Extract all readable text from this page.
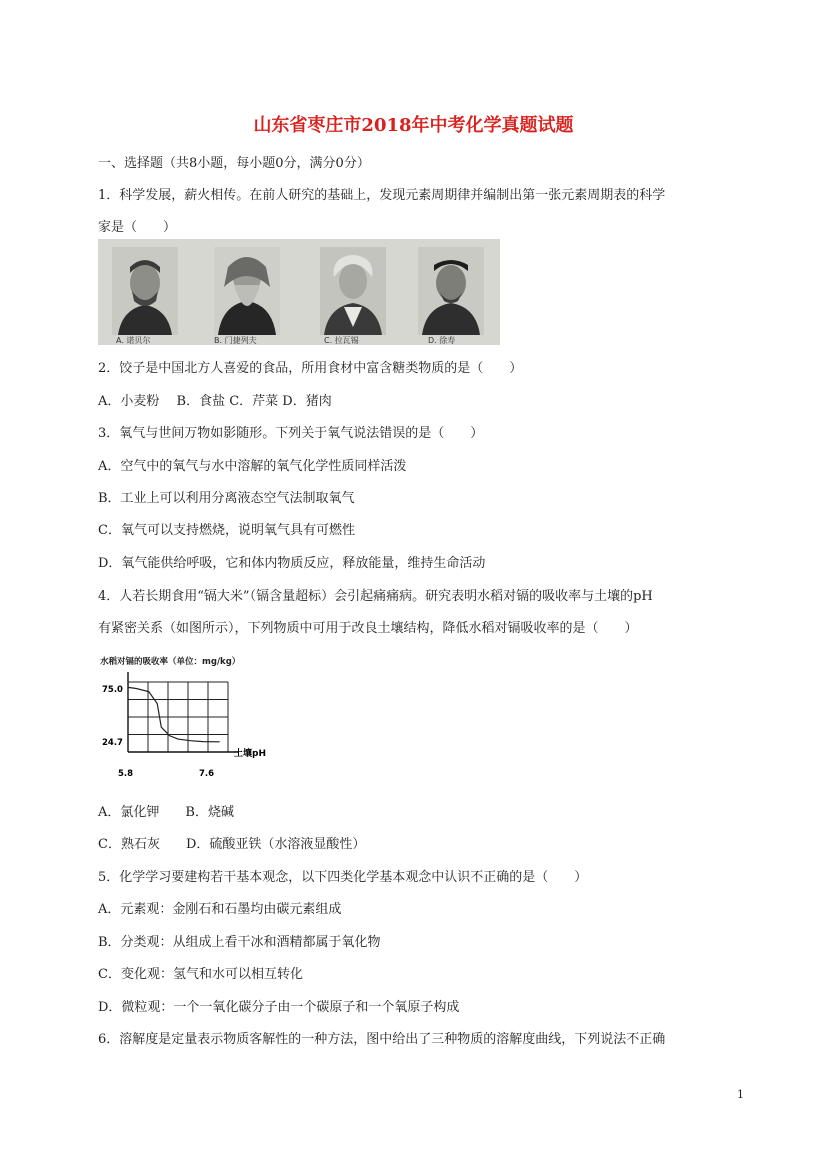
山东省枣庄市2018年中考化学真题试题
一、选择题（共8小题，每小题0分，满分0分）
1．科学发展，薪火相传。在前人研究的基础上，发现元素周期律并编制出第一张元素周期表的科学
家是（　　）
A. 诺贝尔	B. 门捷列夫	C. 拉瓦锡	D. 徐寿
2．饺子是中国北方人喜爱的食品，所用食材中富含糖类物质的是（　　）
A．小麦粉　 B．食盐 C．芹菜 D．猪肉
3．氧气与世间万物如影随形。下列关于氧气说法错误的是（　　）
A．空气中的氧气与水中溶解的氧气化学性质同样活泼
B．工业上可以利用分离液态空气法制取氧气
C．氧气可以支持燃烧，说明氧气具有可燃性
D．氧气能供给呼吸，它和体内物质反应，释放能量，维持生命活动
4．人若长期食用“镉大米”（镉含量超标）会引起痛痛病。研究表明水稻对镉的吸收率与土壤的pH
有紧密关系（如图所示），下列物质中可用于改良土壤结构，降低水稻对镉吸收率的是（　　）
水稻对镉的吸收率（单位：mg/kg）
75.0
24.7
5.8	7.6
土壤pH
A．氯化钾　　B．烧碱
C．熟石灰　　D．硫酸亚铁（水溶液显酸性）
5．化学学习要建构若干基本观念，以下四类化学基本观念中认识不正确的是（　　）
A．元素观：金刚石和石墨均由碳元素组成
B．分类观：从组成上看干冰和酒精都属于氧化物
C．变化观：氢气和水可以相互转化
D．微粒观：一个一氧化碳分子由一个碳原子和一个氧原子构成
6．溶解度是定量表示物质客解性的一种方法，图中给出了三种物质的溶解度曲线，下列说法不正确
1
